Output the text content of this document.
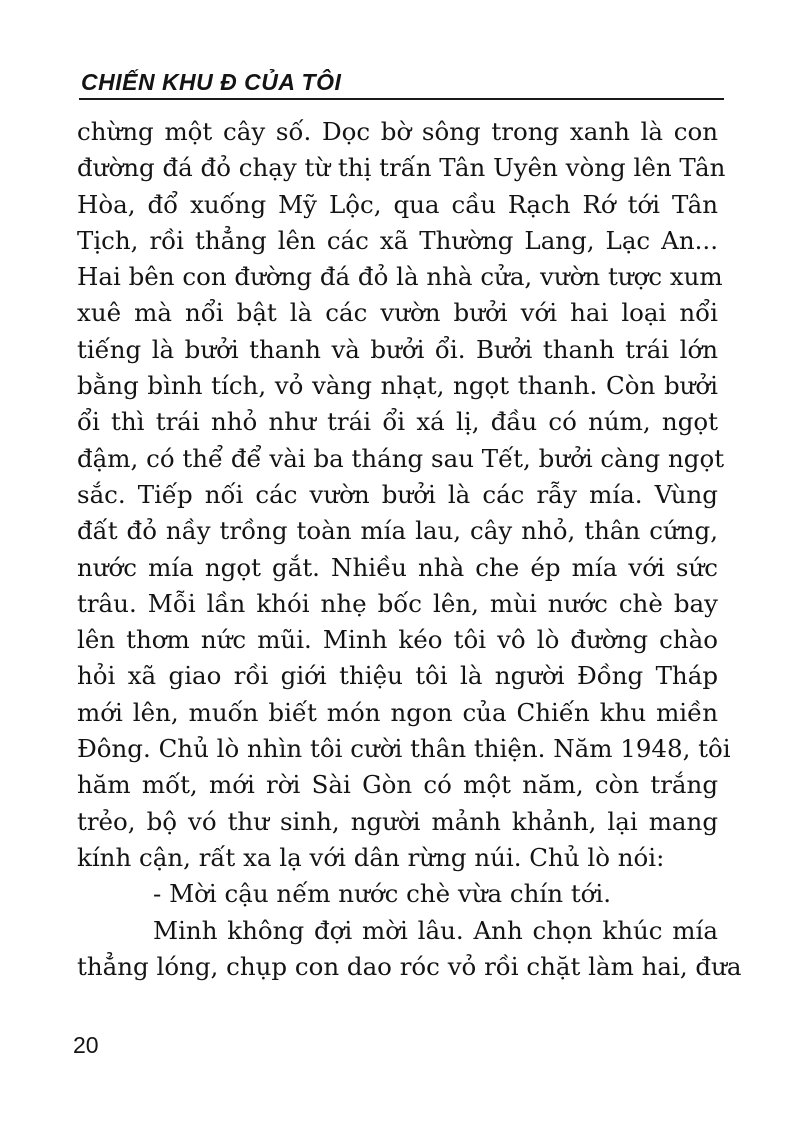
CHIẾN KHU Đ CỦA TÔI
chừng một cây số. Dọc bờ sông trong xanh là con
đường đá đỏ chạy từ thị trấn Tân Uyên vòng lên Tân
Hòa, đổ xuống Mỹ Lộc, qua cầu Rạch Rớ tới Tân
Tịch, rồi thẳng lên các xã Thường Lang, Lạc An...
Hai bên con đường đá đỏ là nhà cửa, vườn tược xum
xuê mà nổi bật là các vườn bưởi với hai loại nổi
tiếng là bưởi thanh và bưởi ổi. Bưởi thanh trái lớn
bằng bình tích, vỏ vàng nhạt, ngọt thanh. Còn bưởi
ổi thì trái nhỏ như trái ổi xá lị, đầu có núm, ngọt
đậm, có thể để vài ba tháng sau Tết, bưởi càng ngọt
sắc. Tiếp nối các vườn bưởi là các rẫy mía. Vùng
đất đỏ nầy trồng toàn mía lau, cây nhỏ, thân cứng,
nước mía ngọt gắt. Nhiều nhà che ép mía với sức
trâu. Mỗi lần khói nhẹ bốc lên, mùi nước chè bay
lên thơm nức mũi. Minh kéo tôi vô lò đường chào
hỏi xã giao rồi giới thiệu tôi là người Đồng Tháp
mới lên, muốn biết món ngon của Chiến khu miền
Đông. Chủ lò nhìn tôi cười thân thiện. Năm 1948, tôi
hăm mốt, mới rời Sài Gòn có một năm, còn trắng
trẻo, bộ vó thư sinh, người mảnh khảnh, lại mang
kính cận, rất xa lạ với dân rừng núi. Chủ lò nói:
- Mời cậu nếm nước chè vừa chín tới.
Minh không đợi mời lâu. Anh chọn khúc mía
thẳng lóng, chụp con dao róc vỏ rồi chặt làm hai, đưa
20
